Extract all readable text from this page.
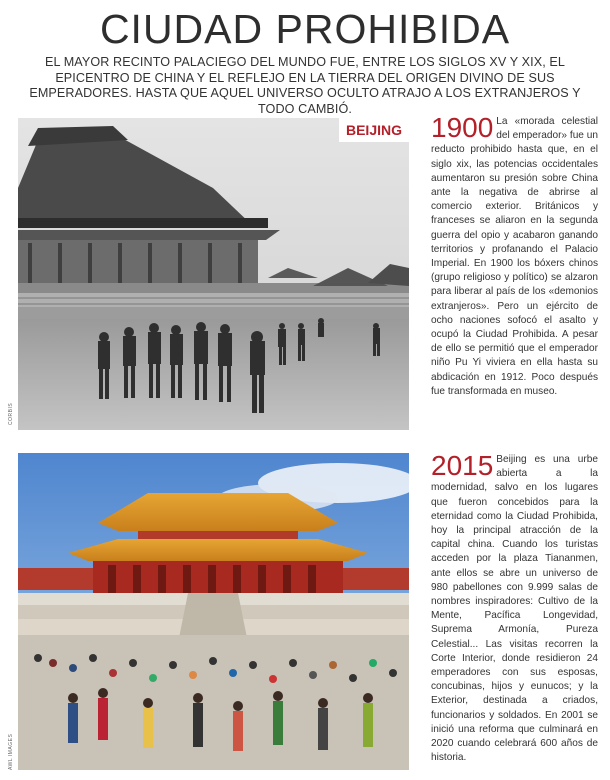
CIUDAD PROHIBIDA

EL MAYOR RECINTO PALACIEGO DEL MUNDO FUE, ENTRE LOS SIGLOS XV Y XIX, EL EPICENTRO DE CHINA Y EL REFLEJO EN LA TIERRA DEL ORIGEN DIVINO DE SUS EMPERADORES. HASTA QUE AQUEL UNIVERSO OCULTO ATRAJO A LOS EXTRANJEROS Y TODO CAMBIÓ.

BEIJING
CORBIS
1900 La «morada celestial del emperador» fue un reducto prohibido hasta que, en el siglo xix, las potencias occidentales aumentaron su presión sobre China ante la negativa de abrirse al comercio exterior. Británicos y franceses se aliaron en la segunda guerra del opio y acabaron ganando territorios y profanando el Palacio Imperial. En 1900 los bóxers chinos (grupo religioso y político) se alzaron para liberar al país de los «demonios extranjeros». Pero un ejército de ocho naciones sofocó el asalto y ocupó la Ciudad Prohibida. A pesar de ello se permitió que el emperador niño Pu Yi viviera en ella hasta su abdicación en 1912. Poco después fue transformada en museo.
AWL IMAGES
2015 Beijing es una urbe abierta a la modernidad, salvo en los lugares que fueron concebidos para la eternidad como la Ciudad Prohibida, hoy la principal atracción de la capital china. Cuando los turistas acceden por la plaza Tiananmen, ante ellos se abre un universo de 980 pabellones con 9.999 salas de nombres inspiradores: Cultivo de la Mente, Pacífica Longevidad, Suprema Armonía, Pureza Celestial... Las visitas recorren la Corte Interior, donde residieron 24 emperadores con sus esposas, concubinas, hijos y eunucos; y la Exterior, destinada a criados, funcionarios y soldados. En 2001 se inició una reforma que culminará en 2020 cuando celebrará 600 años de historia.
